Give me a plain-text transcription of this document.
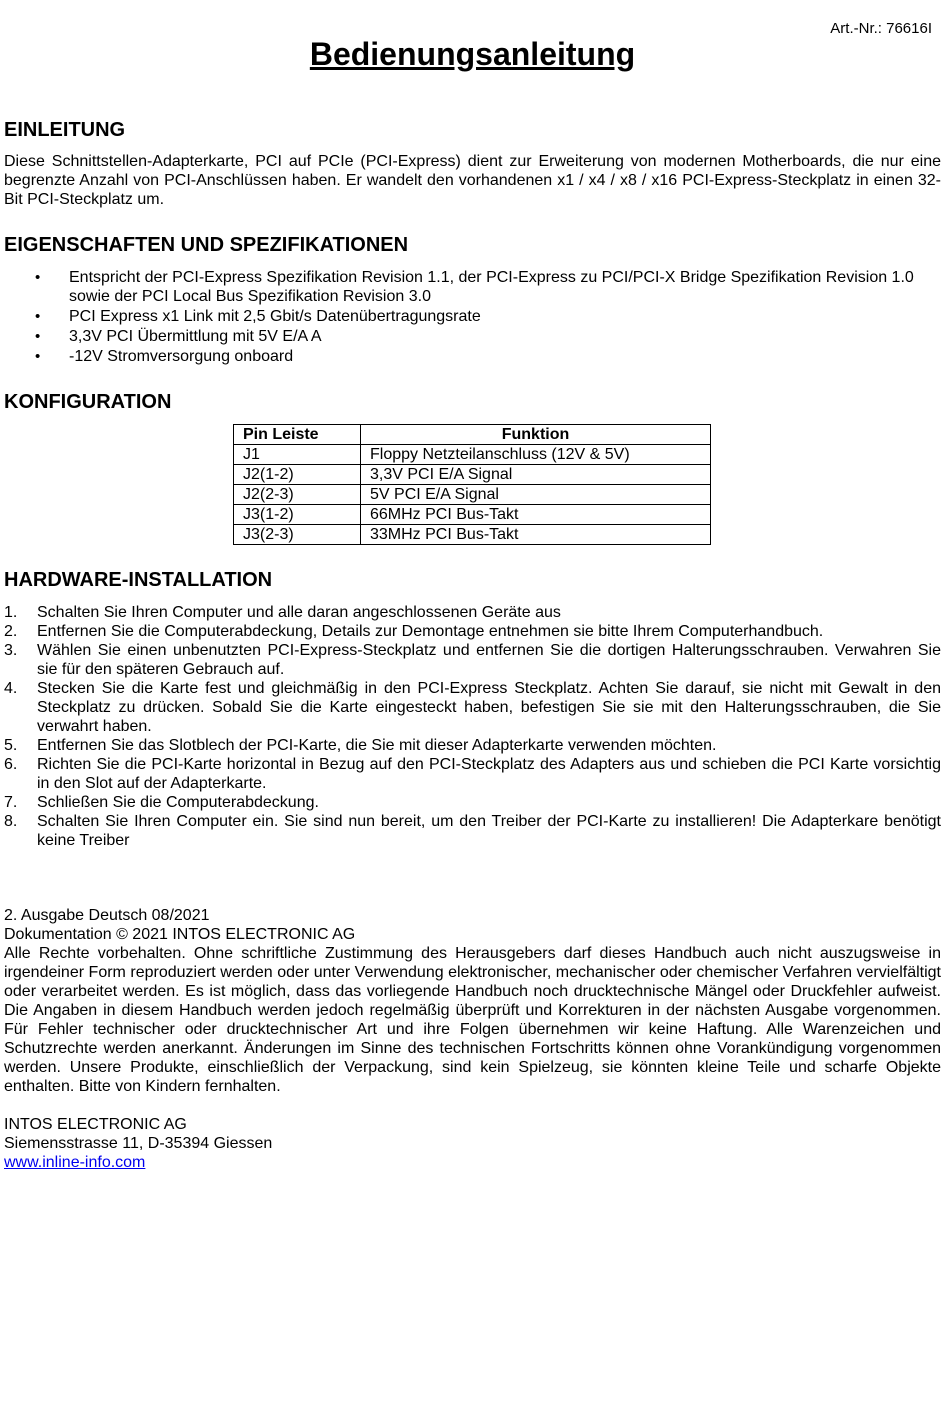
Art.-Nr.: 76616I
Bedienungsanleitung
EINLEITUNG

Diese Schnittstellen-Adapterkarte, PCI auf PCIe (PCI-Express) dient zur Erweiterung von modernen Motherboards, die nur eine begrenzte Anzahl von PCI-Anschlüssen haben. Er wandelt den vorhandenen x1 / x4 / x8 / x16 PCI-Express-Steckplatz in einen 32-Bit PCI-Steckplatz um.

EIGENSCHAFTEN UND SPEZIFIKATIONEN
• Entspricht der PCI-Express Spezifikation Revision 1.1, der PCI-Express zu PCI/PCI-X Bridge Spezifikation Revision 1.0 sowie der PCI Local Bus Spezifikation Revision 3.0
• PCI Express x1 Link mit 2,5 Gbit/s Datenübertragungsrate
• 3,3V PCI Übermittlung mit 5V E/A A
• -12V Stromversorgung onboard
KONFIGURATION
Pin Leiste	Funktion
J1	Floppy Netzteilanschluss (12V & 5V)
J2(1-2)	3,3V PCI E/A Signal
J2(2-3)	5V PCI E/A Signal
J3(1-2)	66MHz PCI Bus-Takt
J3(2-3)	33MHz PCI Bus-Takt
HARDWARE-INSTALLATION
1. Schalten Sie Ihren Computer und alle daran angeschlossenen Geräte aus
2. Entfernen Sie die Computerabdeckung, Details zur Demontage entnehmen sie bitte Ihrem Computerhandbuch.
3. Wählen Sie einen unbenutzten PCI-Express-Steckplatz und entfernen Sie die dortigen Halterungsschrauben. Verwahren Sie sie für den späteren Gebrauch auf.
4. Stecken Sie die Karte fest und gleichmäßig in den PCI-Express Steckplatz. Achten Sie darauf, sie nicht mit Gewalt in den Steckplatz zu drücken. Sobald Sie die Karte eingesteckt haben, befestigen Sie sie mit den Halterungsschrauben, die Sie verwahrt haben.
5. Entfernen Sie das Slotblech der PCI-Karte, die Sie mit dieser Adapterkarte verwenden möchten.
6. Richten Sie die PCI-Karte horizontal in Bezug auf den PCI-Steckplatz des Adapters aus und schieben die PCI Karte vorsichtig in den Slot auf der Adapterkarte.
7. Schließen Sie die Computerabdeckung.
8. Schalten Sie Ihren Computer ein. Sie sind nun bereit, um den Treiber der PCI-Karte zu installieren! Die Adapterkare benötigt keine Treiber
2. Ausgabe Deutsch 08/2021
Dokumentation © 2021 INTOS ELECTRONIC AG
Alle Rechte vorbehalten. Ohne schriftliche Zustimmung des Herausgebers darf dieses Handbuch auch nicht auszugsweise in irgendeiner Form reproduziert werden oder unter Verwendung elektronischer, mechanischer oder chemischer Verfahren vervielfältigt oder verarbeitet werden. Es ist möglich, dass das vorliegende Handbuch noch drucktechnische Mängel oder Druckfehler aufweist. Die Angaben in diesem Handbuch werden jedoch regelmäßig überprüft und Korrekturen in der nächsten Ausgabe vorgenommen. Für Fehler technischer oder drucktechnischer Art und ihre Folgen übernehmen wir keine Haftung. Alle Warenzeichen und Schutzrechte werden anerkannt. Änderungen im Sinne des technischen Fortschritts können ohne Vorankündigung vorgenommen werden. Unsere Produkte, einschließlich der Verpackung, sind kein Spielzeug, sie könnten kleine Teile und scharfe Objekte enthalten. Bitte von Kindern fernhalten.
INTOS ELECTRONIC AG
Siemensstrasse 11, D-35394 Giessen
www.inline-info.com
